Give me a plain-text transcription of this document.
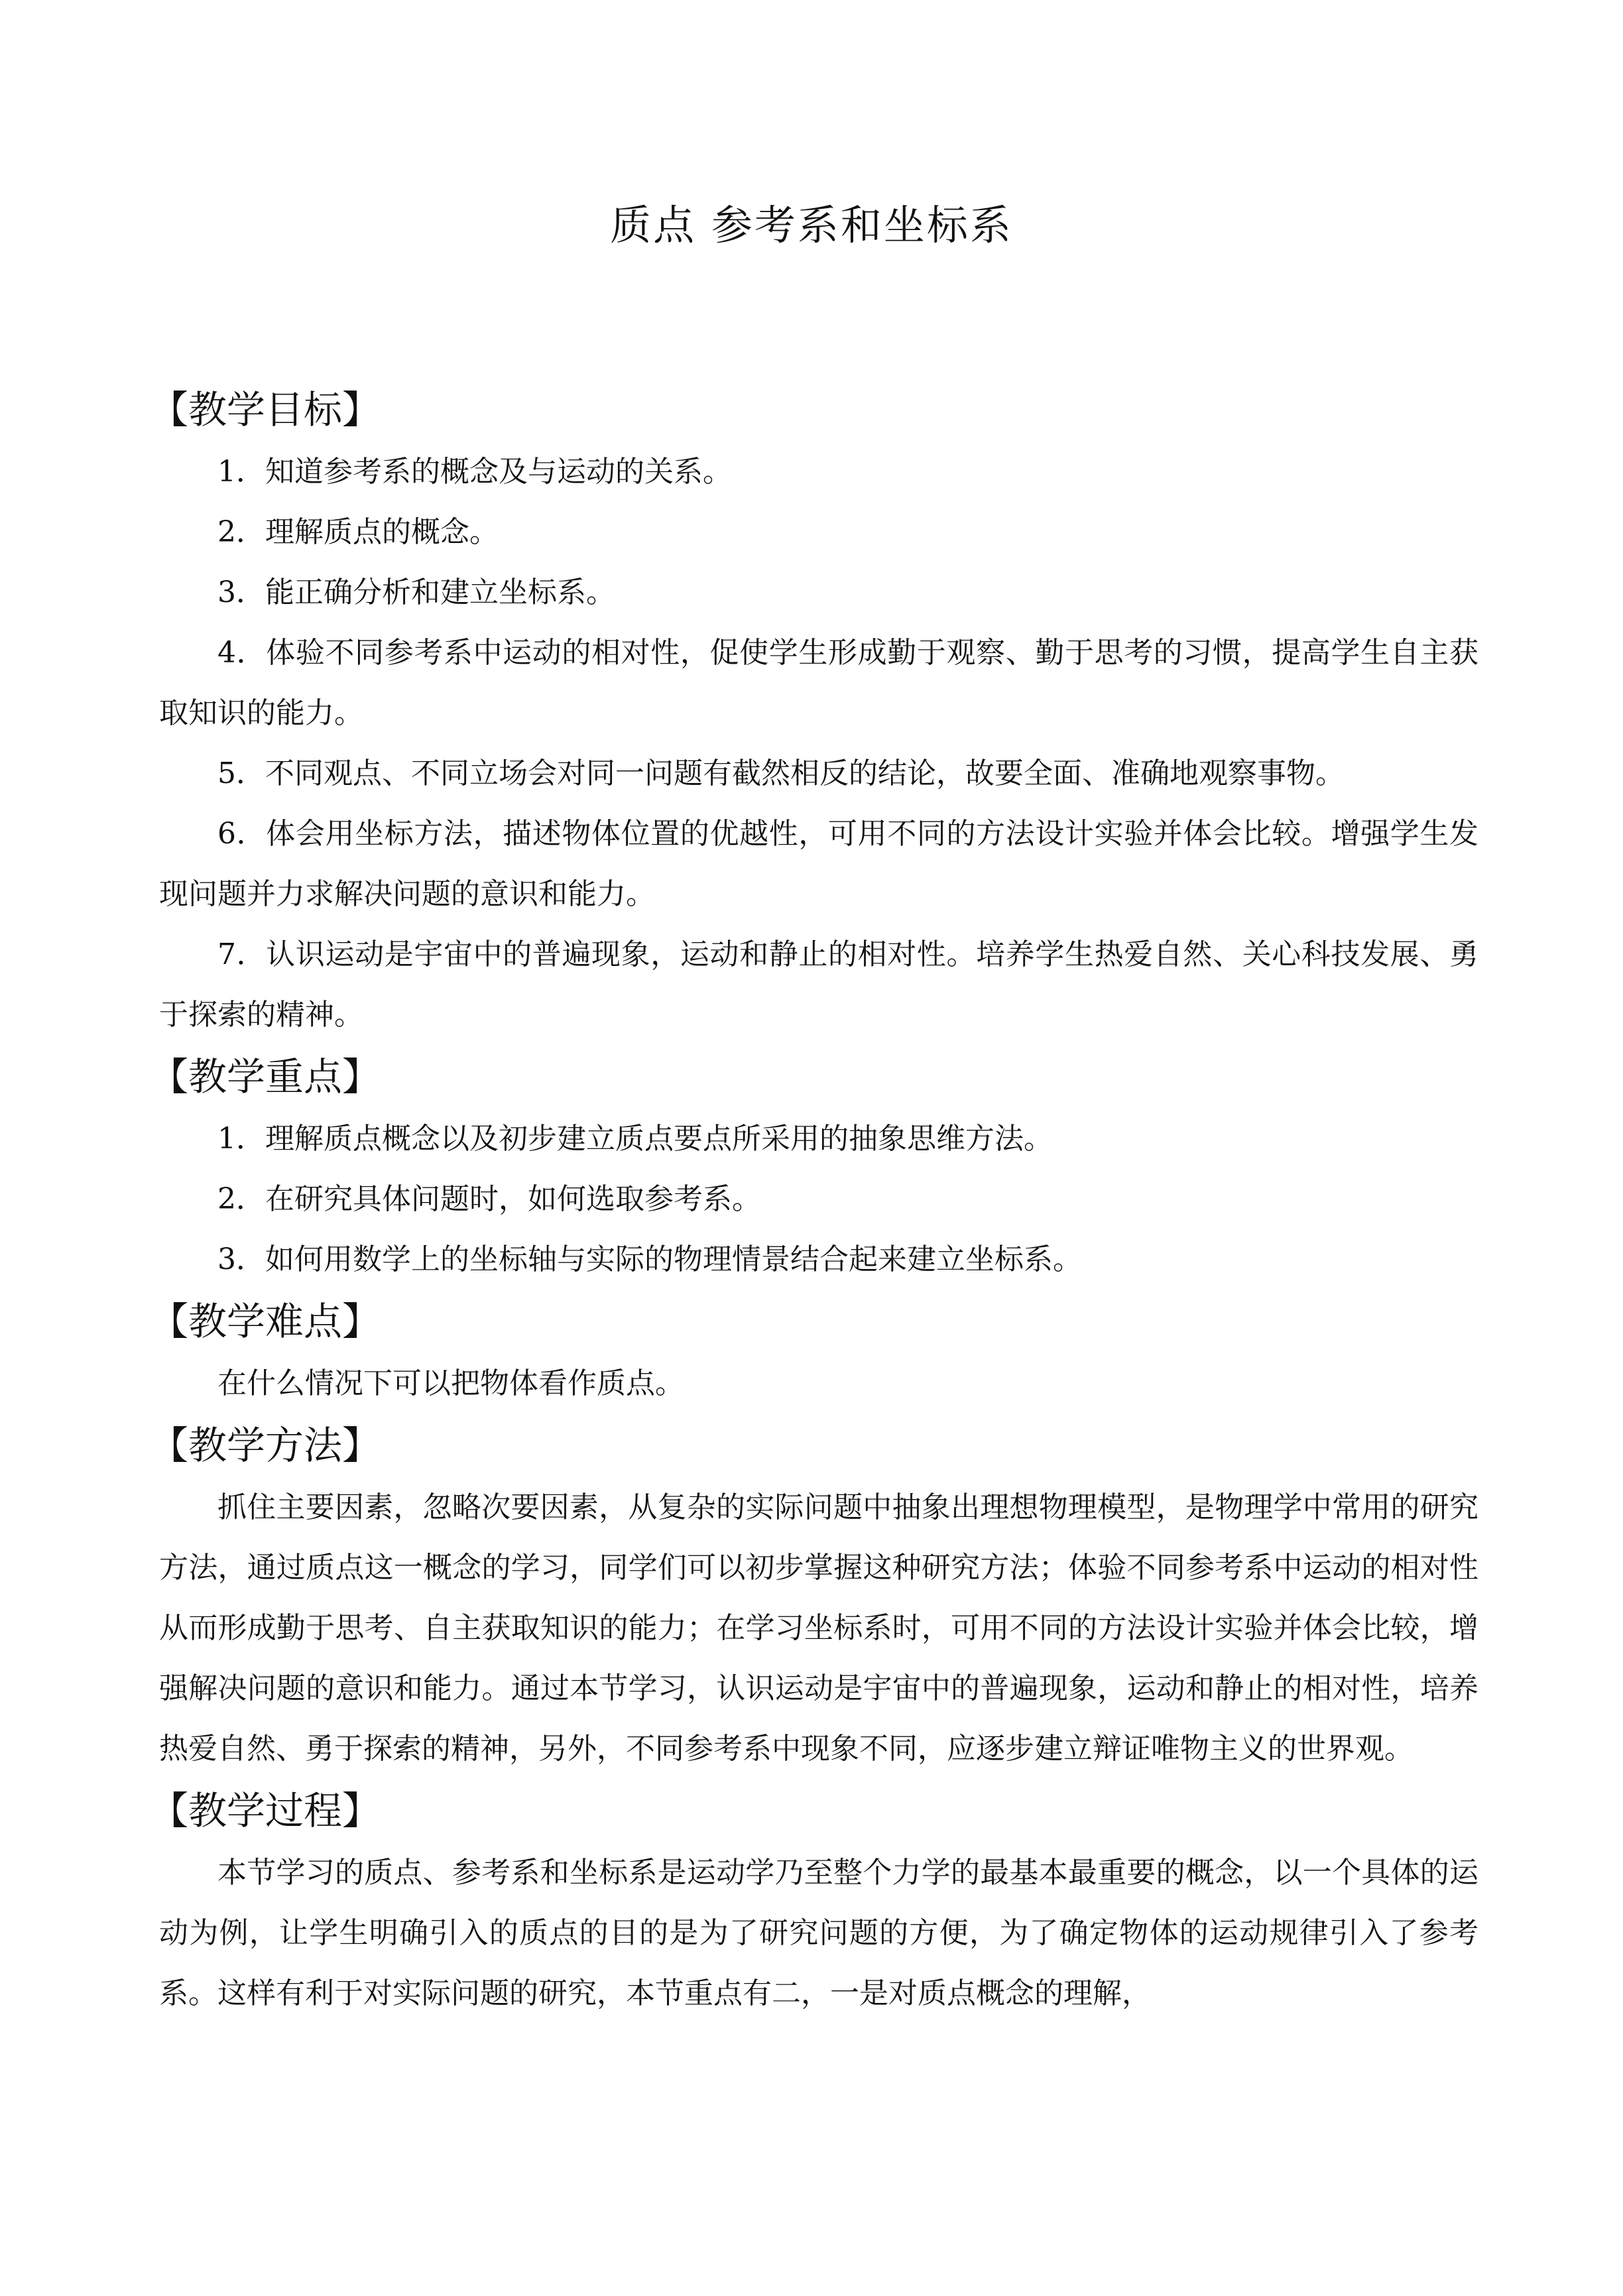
质点 参考系和坐标系
【教学目标】

1．知道参考系的概念及与运动的关系。

2．理解质点的概念。

3．能正确分析和建立坐标系。

4．体验不同参考系中运动的相对性，促使学生形成勤于观察、勤于思考的习惯，提高学生自主获取知识的能力。

5．不同观点、不同立场会对同一问题有截然相反的结论，故要全面、准确地观察事物。

6．体会用坐标方法，描述物体位置的优越性，可用不同的方法设计实验并体会比较。增强学生发现问题并力求解决问题的意识和能力。

7．认识运动是宇宙中的普遍现象，运动和静止的相对性。培养学生热爱自然、关心科技发展、勇于探索的精神。

【教学重点】

1．理解质点概念以及初步建立质点要点所采用的抽象思维方法。

2．在研究具体问题时，如何选取参考系。

3．如何用数学上的坐标轴与实际的物理情景结合起来建立坐标系。

【教学难点】

在什么情况下可以把物体看作质点。

【教学方法】

抓住主要因素，忽略次要因素，从复杂的实际问题中抽象出理想物理模型，是物理学中常用的研究方法，通过质点这一概念的学习，同学们可以初步掌握这种研究方法；体验不同参考系中运动的相对性从而形成勤于思考、自主获取知识的能力；在学习坐标系时，可用不同的方法设计实验并体会比较，增强解决问题的意识和能力。通过本节学习，认识运动是宇宙中的普遍现象，运动和静止的相对性，培养热爱自然、勇于探索的精神，另外，不同参考系中现象不同，应逐步建立辩证唯物主义的世界观。

【教学过程】

本节学习的质点、参考系和坐标系是运动学乃至整个力学的最基本最重要的概念，以一个具体的运动为例，让学生明确引入的质点的目的是为了研究问题的方便，为了确定物体的运动规律引入了参考系。这样有利于对实际问题的研究，本节重点有二，一是对质点概念的理解，
